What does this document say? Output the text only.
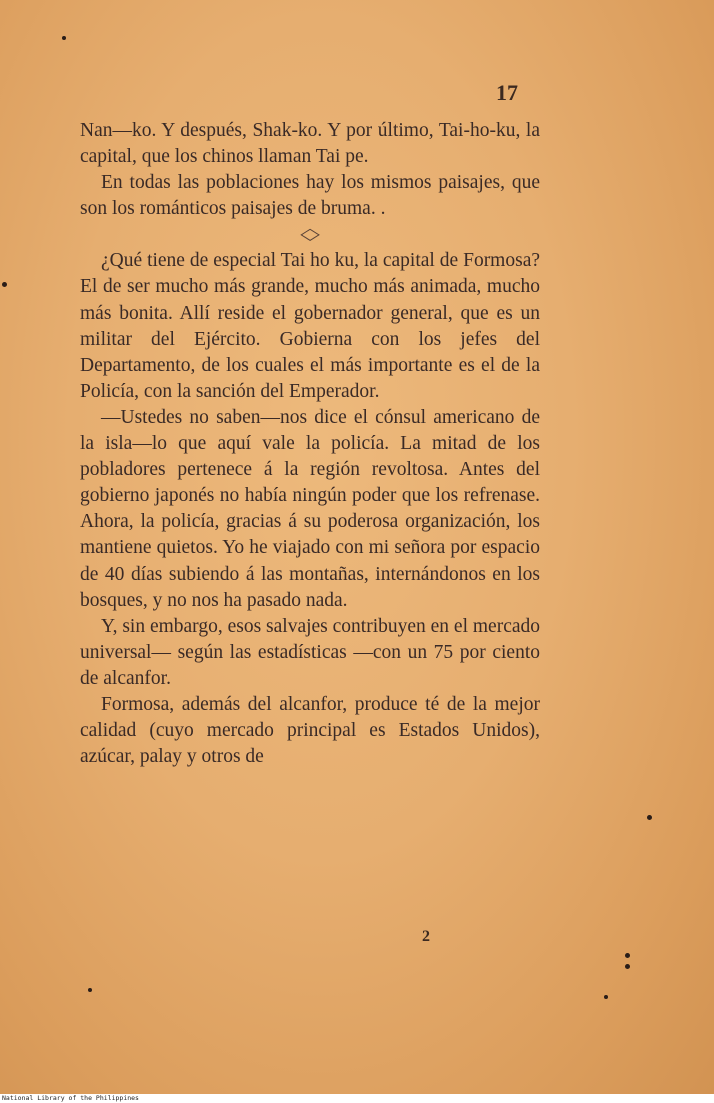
17

Nan—ko. Y después, Shak-ko. Y por último, Tai-ho-ku, la capital, que los chinos llaman Tai pe.

En todas las poblaciones hay los mismos paisajes, que son los románticos paisajes de bruma. .

◇

¿Qué tiene de especial Tai ho ku, la capital de Formosa? El de ser mucho más grande, mucho más animada, mucho más bonita. Allí reside el gobernador general, que es un militar del Ejército. Gobierna con los jefes del Departamento, de los cuales el más importante es el de la Policía, con la sanción del Emperador.

—Ustedes no saben—nos dice el cónsul americano de la isla—lo que aquí vale la policía. La mitad de los pobladores pertenece á la región revoltosa. Antes del gobierno japonés no había ningún poder que los refrenase. Ahora, la policía, gracias á su poderosa organización, los mantiene quietos. Yo he viajado con mi señora por espacio de 40 días subiendo á las montañas, internándonos en los bosques, y no nos ha pasado nada.

Y, sin embargo, esos salvajes contribuyen en el mercado universal— según las estadísticas —con un 75 por ciento de alcanfor.

Formosa, además del alcanfor, produce té de la mejor calidad (cuyo mercado principal es Estados Unidos), azúcar, palay y otros de

2
National Library of the Philippines
